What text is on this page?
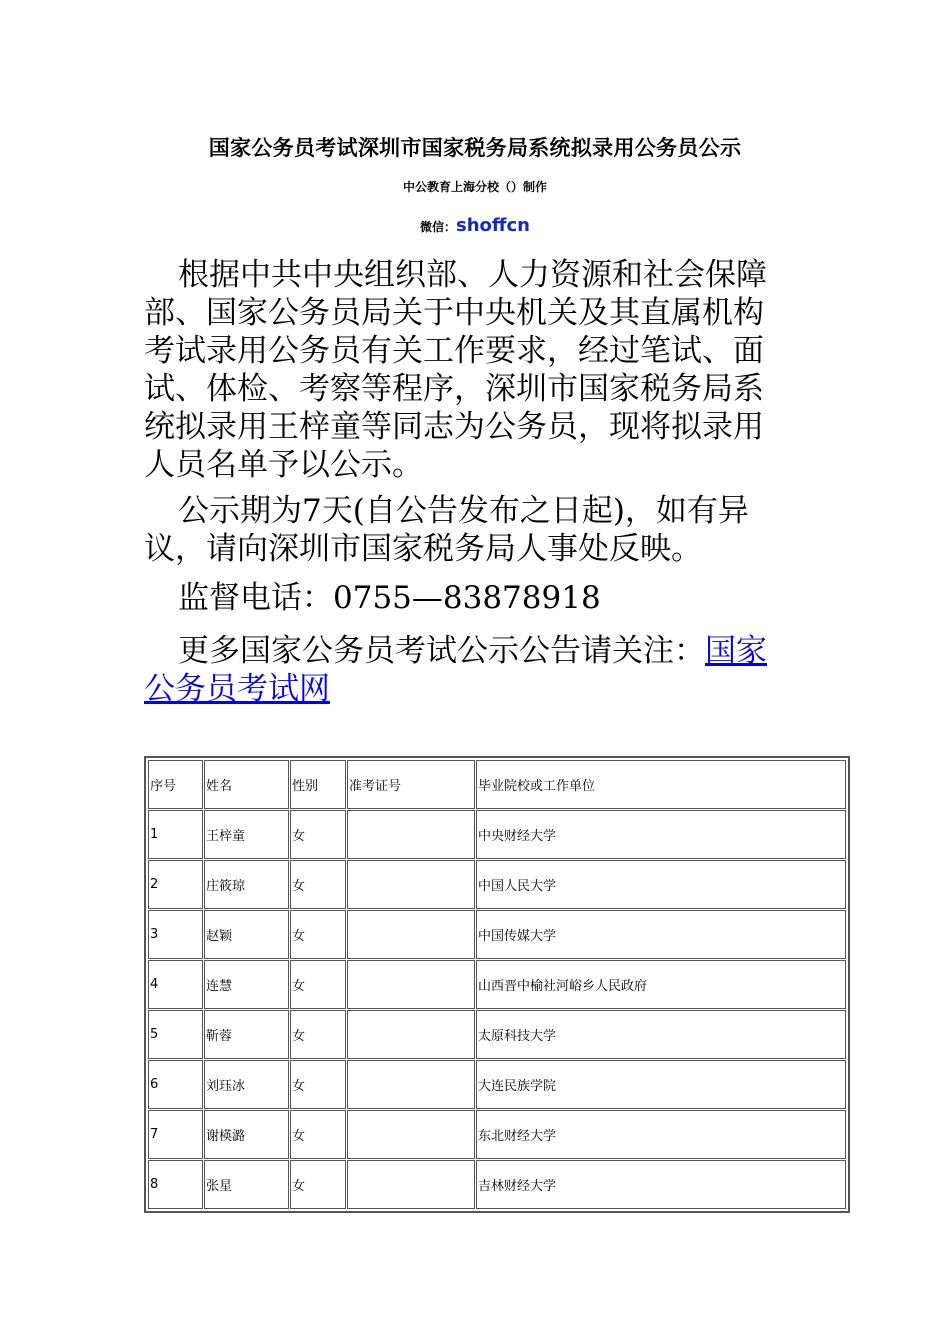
国家公务员考试深圳市国家税务局系统拟录用公务员公示
中公教育上海分校（）制作
微信：shoffcn

根据中共中央组织部、人力资源和社会保障部、国家公务员局关于中央机关及其直属机构考试录用公务员有关工作要求，经过笔试、面试、体检、考察等程序，深圳市国家税务局系统拟录用王梓童等同志为公务员，现将拟录用人员名单予以公示。

公示期为7天(自公告发布之日起)，如有异议，请向深圳市国家税务局人事处反映。

监督电话：0755—83878918

更多国家公务员考试公示公告请关注：国家公务员考试网

序号	姓名	性别	准考证号	毕业院校或工作单位
1	王梓童	女		中央财经大学
2	庄筱琼	女		中国人民大学
3	赵颖	女		中国传媒大学
4	连慧	女		山西晋中榆社河峪乡人民政府
5	靳蓉	女		太原科技大学
6	刘珏冰	女		大连民族学院
7	谢楧潞	女		东北财经大学
8	张星	女		吉林财经大学
